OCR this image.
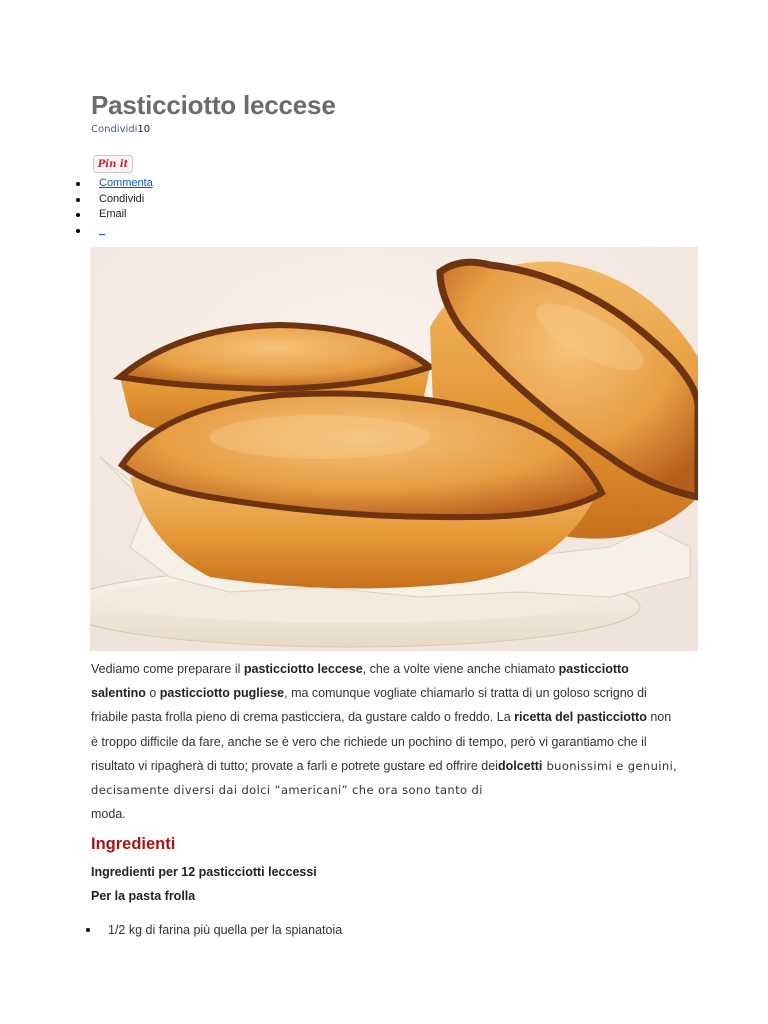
Pasticciotto leccese
Condividi10
Pin it
Commenta
Condividi
Email
_

Vediamo come preparare il pasticciotto leccese, che a volte viene anche chiamato pasticciotto salentino o pasticciotto pugliese, ma comunque vogliate chiamarlo si tratta di un goloso scrigno di friabile pasta frolla pieno di crema pasticciera, da gustare caldo o freddo. La ricetta del pasticciotto non è troppo difficile da fare, anche se è vero che richiede un pochino di tempo, però vi garantiamo che il risultato vi ripagherà di tutto; provate a farli e potrete gustare ed offrire deidolcetti buonissimi e genuini, decisamente diversi dai dolci “americani” che ora sono tanto di
moda.

Ingredienti
Ingredienti per 12 pasticciotti leccessi
Per la pasta frolla
1/2 kg di farina più quella per la spianatoia
